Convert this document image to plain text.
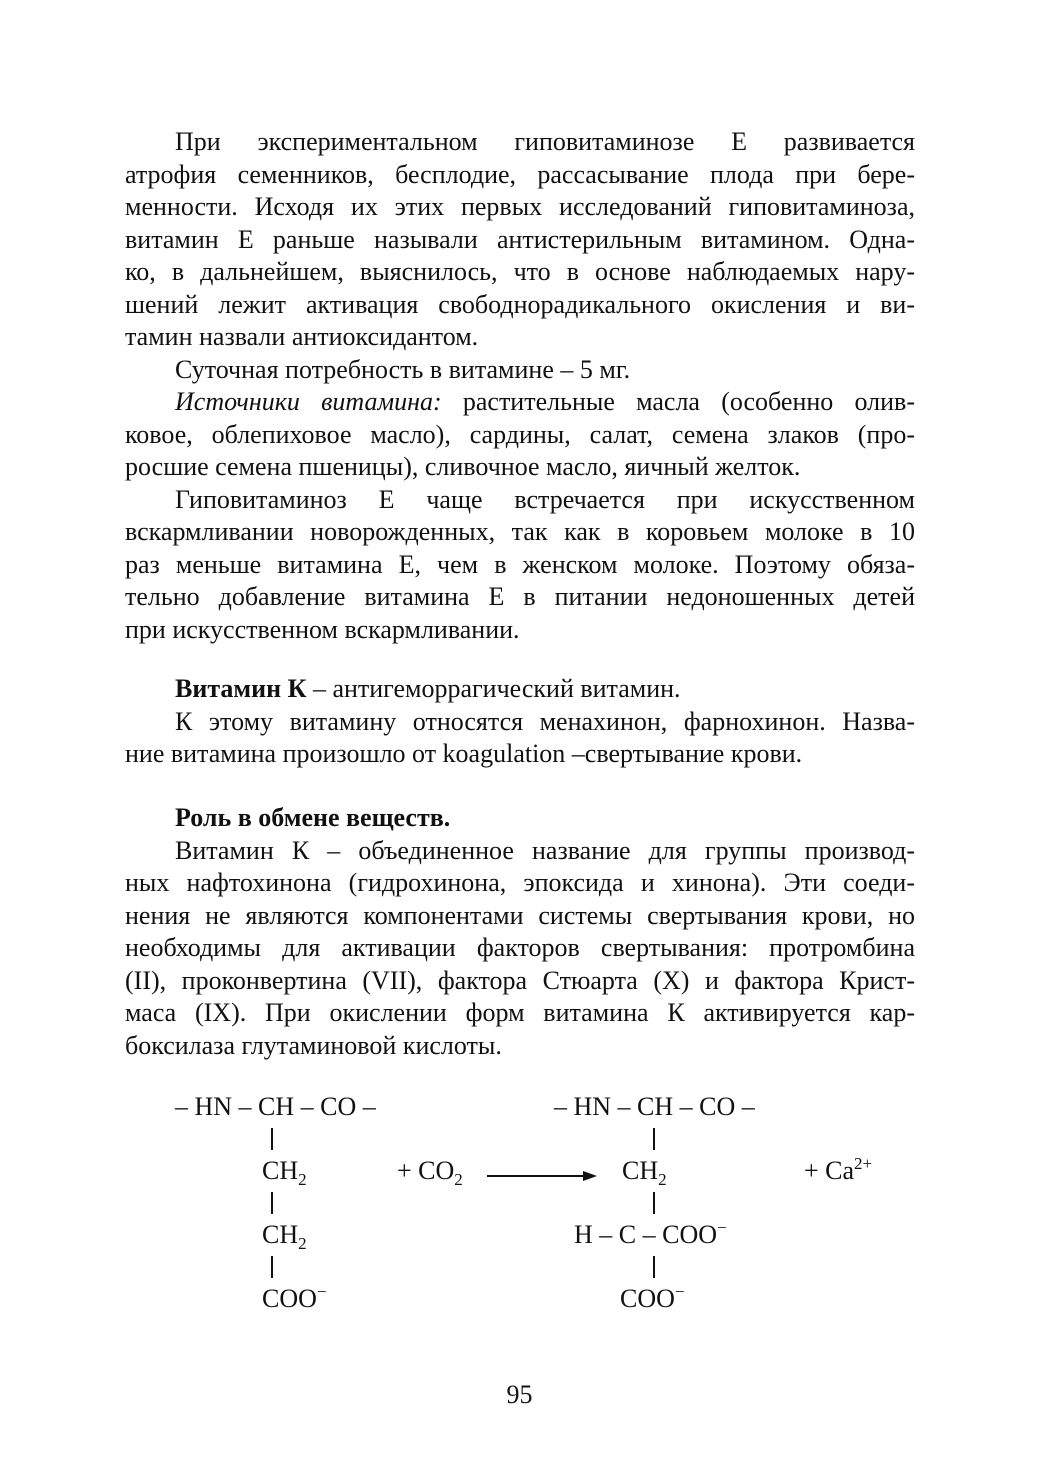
При экспериментальном гиповитаминозе Е развивается
атрофия семенников, бесплодие, рассасывание плода при бере-
менности. Исходя их этих первых исследований гиповитаминоза,
витамин Е раньше называли антистерильным витамином. Одна-
ко, в дальнейшем, выяснилось, что в основе наблюдаемых нару-
шений лежит активация свободнорадикального окисления и ви-
тамин назвали антиоксидантом.
Суточная потребность в витамине – 5 мг.
Источники витамина: растительные масла (особенно олив-
ковое, облепиховое масло), сардины, салат, семена злаков (про-
росшие семена пшеницы), сливочное масло, яичный желток.
Гиповитаминоз Е чаще встречается при искусственном
вскармливании новорожденных, так как в коровьем молоке в 10
раз меньше витамина Е, чем в женском молоке. Поэтому обяза-
тельно добавление витамина Е в питании недоношенных детей
при искусственном вскармливании.
Витамин К – антигеморрагический витамин.
К этому витамину относятся менахинон, фарнохинон. Назва-
ние витамина произошло от koagulation –свертывание крови.
Роль в обмене веществ.
Витамин К – объединенное название для группы производ-
ных нафтохинона (гидрохинона, эпоксида и хинона). Эти соеди-
нения не являются компонентами системы свертывания крови, но
необходимы для активации факторов свертывания: протромбина
(II), проконвертина (VII), фактора Стюарта (X) и фактора Крист-
маса (IX). При окислении форм витамина К активируется кар-
боксилаза глутаминовой кислоты.
– HN – CH – CO –
$CH_2$
$CH_2$
COO−
+ $CO_2$
– HN – CH – CO –
$CH_2$
H – C – COO−
COO−
+ $Ca^{2+}$
95
